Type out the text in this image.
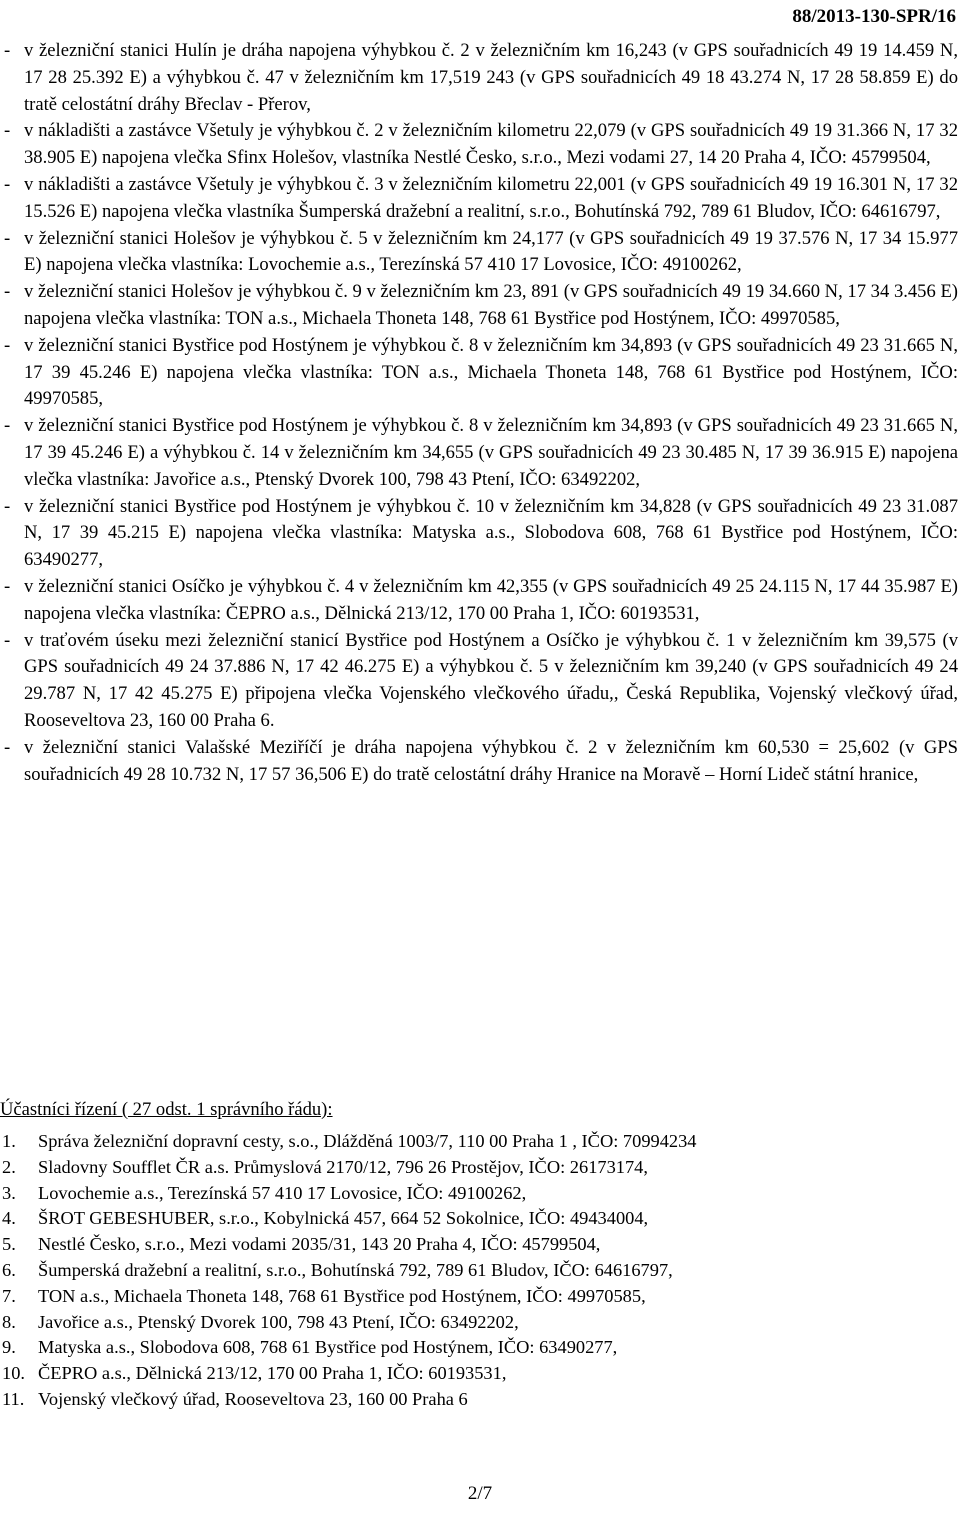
88/2013-130-SPR/16

- v železniční stanici Hulín je dráha napojena výhybkou č. 2 v železničním km 16,243 (v GPS souřadnicích 49 19 14.459 N, 17 28 25.392 E) a výhybkou č. 47 v železničním km 17,519 243 (v GPS souřadnicích 49 18 43.274 N, 17 28 58.859 E) do tratě celostátní dráhy Břeclav - Přerov,

- v nákladišti a zastávce Všetuly je výhybkou č. 2 v železničním kilometru 22,079 (v GPS souřadnicích 49 19 31.366 N, 17 32 38.905 E) napojena vlečka Sfinx Holešov, vlastníka Nestlé Česko, s.r.o., Mezi vodami 27, 14 20 Praha 4, IČO: 45799504,

- v nákladišti a zastávce Všetuly je výhybkou č. 3 v železničním kilometru 22,001 (v GPS souřadnicích 49 19 16.301 N, 17 32 15.526 E) napojena vlečka vlastníka Šumperská dražební a realitní, s.r.o., Bohutínská 792, 789 61 Bludov, IČO: 64616797,

- v železniční stanici Holešov je výhybkou č. 5 v železničním km 24,177 (v GPS souřadnicích 49 19 37.576 N, 17 34 15.977 E) napojena vlečka vlastníka: Lovochemie a.s., Terezínská 57 410 17 Lovosice, IČO: 49100262,

- v železniční stanici Holešov je výhybkou č. 9 v železničním km 23, 891 (v GPS souřadnicích 49 19 34.660 N, 17 34 3.456 E) napojena vlečka vlastníka: TON a.s., Michaela Thoneta 148, 768 61 Bystřice pod Hostýnem, IČO: 49970585,

- v železniční stanici Bystřice pod Hostýnem je výhybkou č. 8 v železničním km 34,893 (v GPS souřadnicích 49 23 31.665 N, 17 39 45.246 E) napojena vlečka vlastníka: TON a.s., Michaela Thoneta 148, 768 61 Bystřice pod Hostýnem, IČO: 49970585,

- v železniční stanici Bystřice pod Hostýnem je výhybkou č. 8 v železničním km 34,893 (v GPS souřadnicích 49 23 31.665 N, 17 39 45.246 E) a výhybkou č. 14 v železničním km 34,655 (v GPS souřadnicích 49 23 30.485 N, 17 39 36.915 E) napojena vlečka vlastníka: Javořice a.s., Ptenský Dvorek 100, 798 43 Ptení, IČO: 63492202,

- v železniční stanici Bystřice pod Hostýnem je výhybkou č. 10 v železničním km 34,828 (v GPS souřadnicích 49 23 31.087 N, 17 39 45.215 E) napojena vlečka vlastníka: Matyska a.s., Slobodova 608, 768 61 Bystřice pod Hostýnem, IČO: 63490277,

- v železniční stanici Osíčko je výhybkou č. 4 v železničním km 42,355 (v GPS souřadnicích 49 25 24.115 N, 17 44 35.987 E) napojena vlečka vlastníka: ČEPRO a.s., Dělnická 213/12, 170 00 Praha 1, IČO: 60193531,

- v traťovém úseku mezi železniční stanicí Bystřice pod Hostýnem a Osíčko je výhybkou č. 1 v železničním km 39,575 (v GPS souřadnicích 49 24 37.886 N, 17 42 46.275 E) a výhybkou č. 5 v železničním km 39,240 (v GPS souřadnicích 49 24 29.787 N, 17 42 45.275 E) připojena vlečka Vojenského vlečkového úřadu,, Česká Republika, Vojenský vlečkový úřad, Rooseveltova 23, 160 00 Praha 6.

- v železniční stanici Valašské Meziříčí je dráha napojena výhybkou č. 2 v železničním km 60,530 = 25,602 (v GPS souřadnicích 49 28 10.732 N, 17 57 36,506 E) do tratě celostátní dráhy Hranice na Moravě – Horní Lideč státní hranice,

Účastníci řízení ( 27 odst. 1 správního řádu):
1. Správa železniční dopravní cesty, s.o., Dlážděná 1003/7, 110 00 Praha 1 , IČO: 70994234
2. Sladovny Soufflet ČR a.s. Průmyslová 2170/12, 796 26 Prostějov, IČO: 26173174,
3. Lovochemie a.s., Terezínská 57 410 17 Lovosice, IČO: 49100262,
4. ŠROT GEBESHUBER, s.r.o., Kobylnická 457, 664 52 Sokolnice, IČO: 49434004,
5. Nestlé Česko, s.r.o., Mezi vodami 2035/31, 143 20 Praha 4, IČO: 45799504,
6. Šumperská dražební a realitní, s.r.o., Bohutínská 792, 789 61 Bludov, IČO: 64616797,
7. TON a.s., Michaela Thoneta 148, 768 61 Bystřice pod Hostýnem, IČO: 49970585,
8. Javořice a.s., Ptenský Dvorek 100, 798 43 Ptení, IČO: 63492202,
9. Matyska a.s., Slobodova 608, 768 61 Bystřice pod Hostýnem, IČO: 63490277,
10. ČEPRO a.s., Dělnická 213/12, 170 00 Praha 1, IČO: 60193531,
11. Vojenský vlečkový úřad, Rooseveltova 23, 160 00 Praha 6
2/7
